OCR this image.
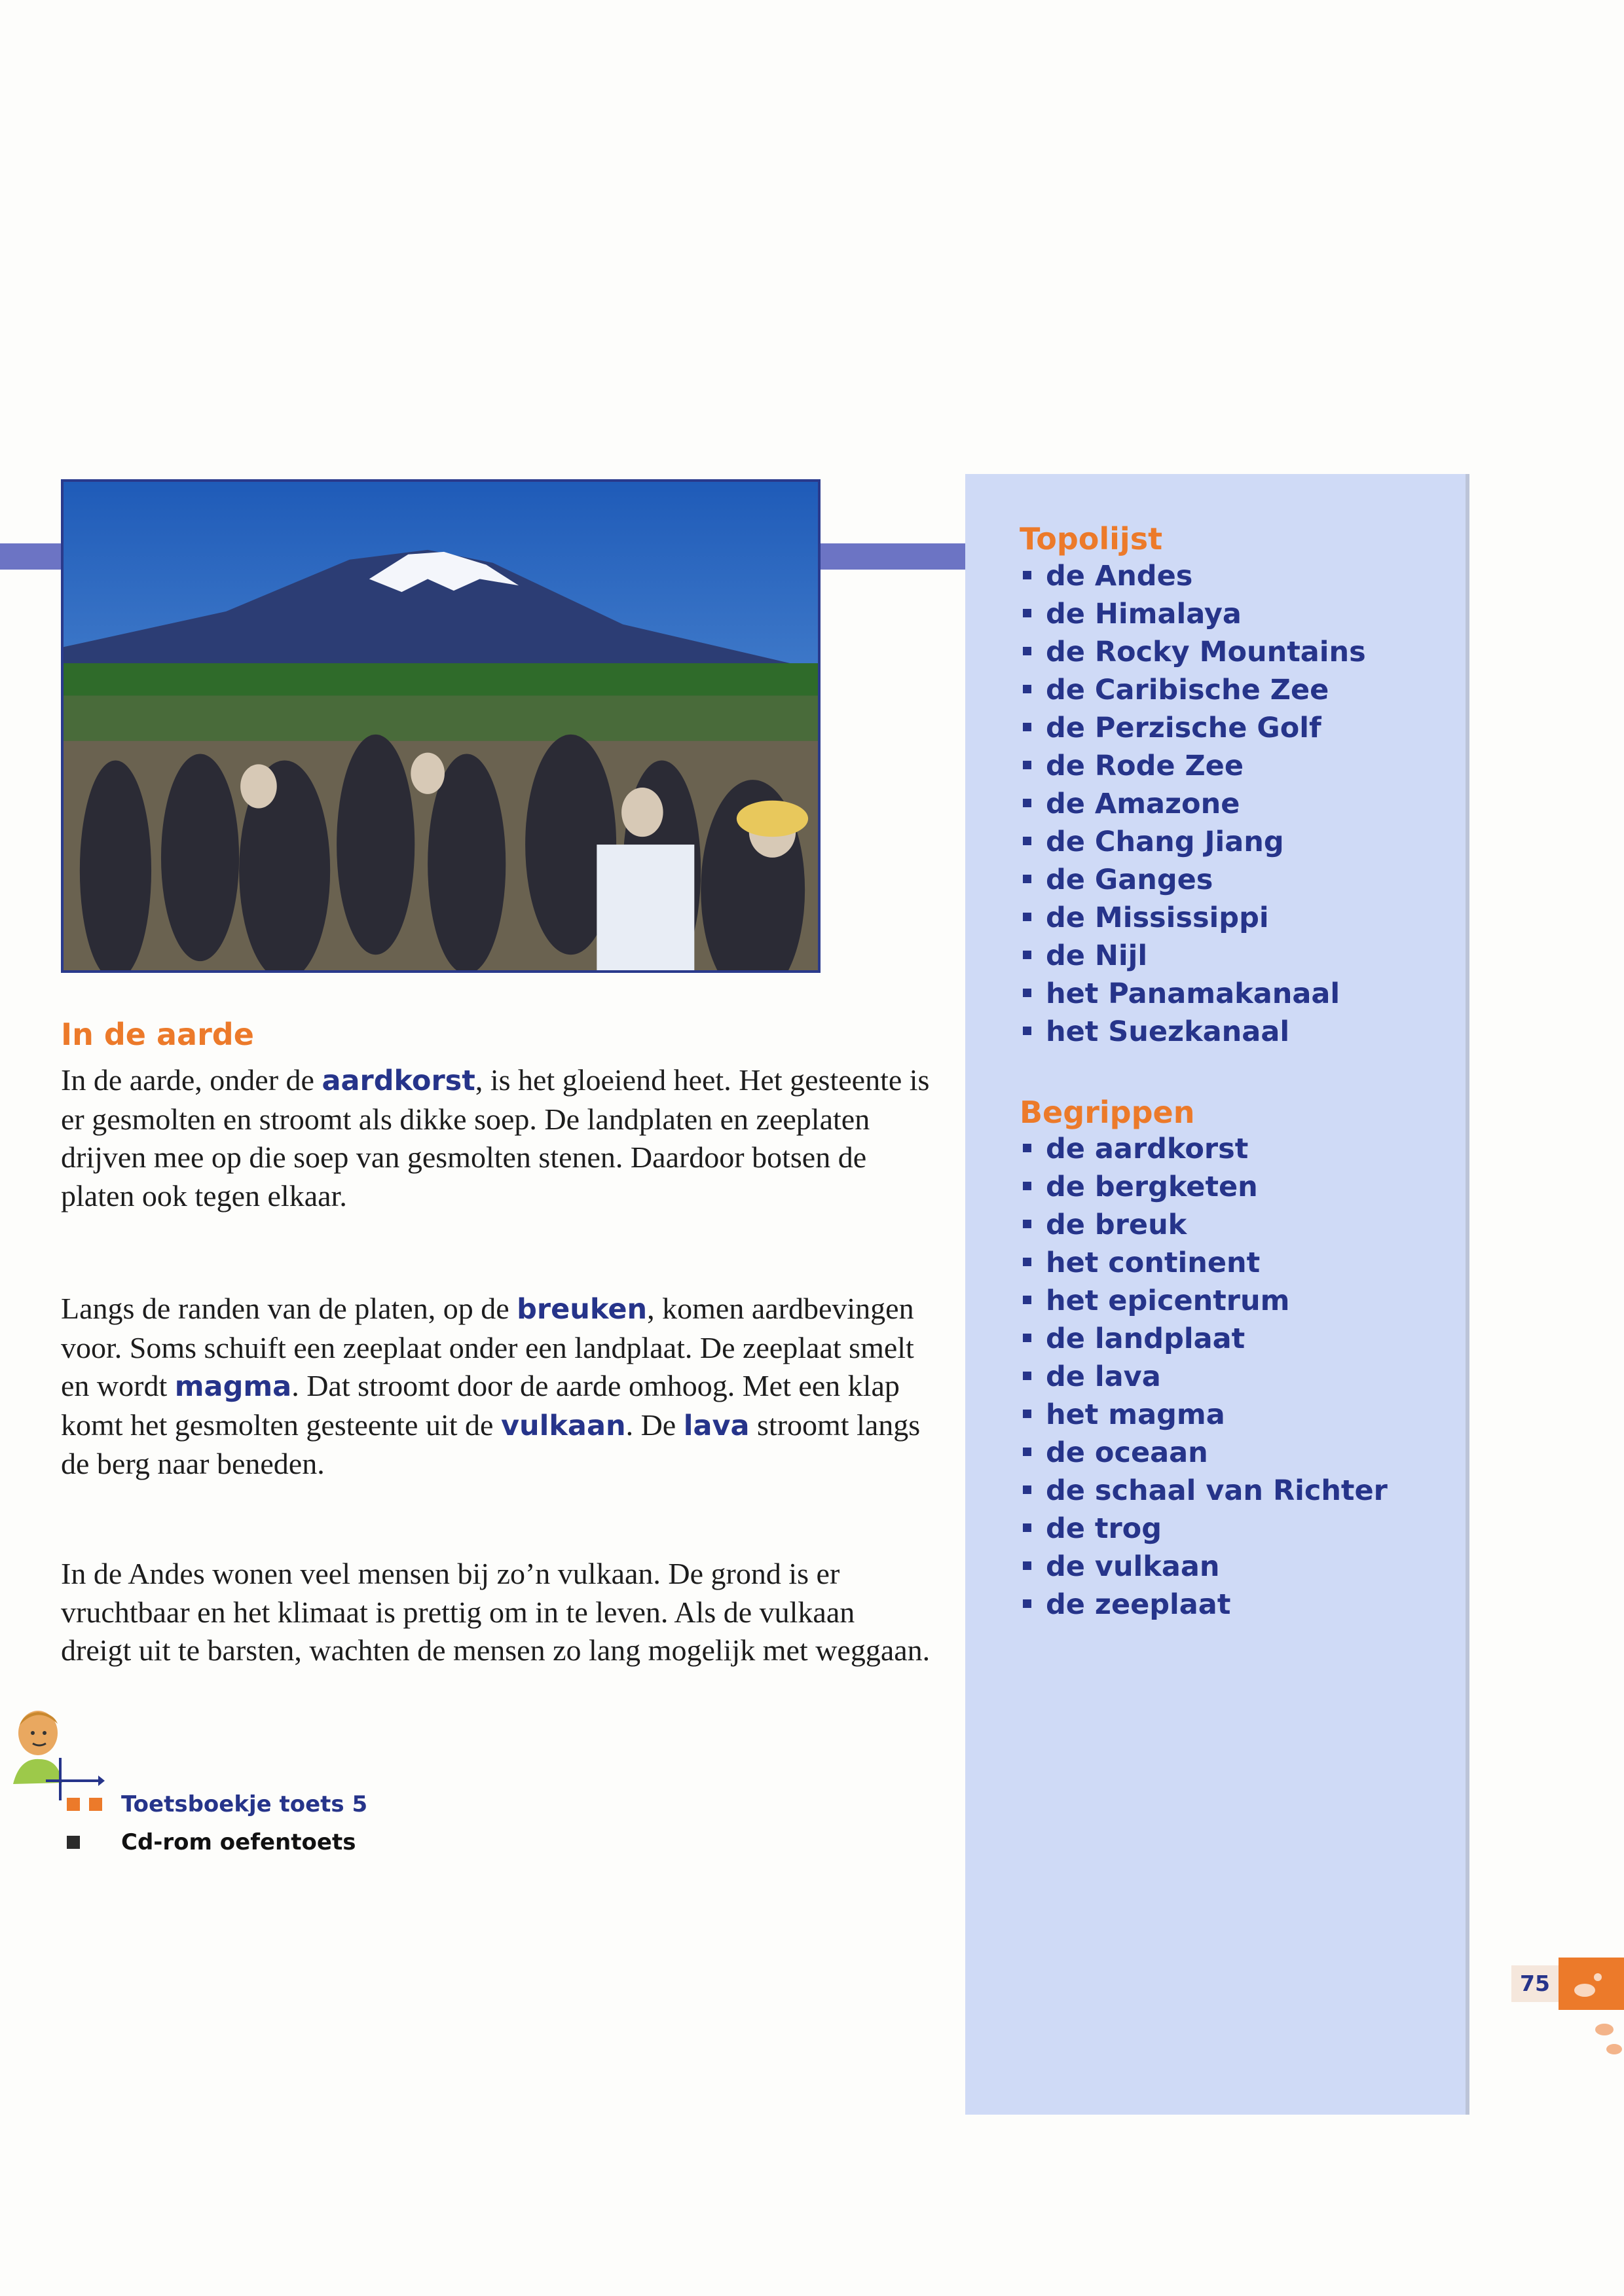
In de aarde

In de aarde, onder de aardkorst, is het gloeiend heet. Het gesteente is er gesmolten en stroomt als dikke soep. De landplaten en zeeplaten drijven mee op die soep van gesmolten stenen. Daardoor botsen de platen ook tegen elkaar.

Langs de randen van de platen, op de breuken, komen aardbevingen voor. Soms schuift een zeeplaat onder een landplaat. De zeeplaat smelt en wordt magma. Dat stroomt door de aarde omhoog. Met een klap komt het gesmolten gesteente uit de vulkaan. De lava stroomt langs de berg naar beneden.

In de Andes wonen veel mensen bij zo’n vulkaan. De grond is er vruchtbaar en het klimaat is prettig om in te leven. Als de vulkaan dreigt uit te barsten, wachten de mensen zo lang mogelijk met weggaan.

Toetsboekje toets 5
Cd-rom oefentoets
Topolijst
de Andes
de Himalaya
de Rocky Mountains
de Caribische Zee
de Perzische Golf
de Rode Zee
de Amazone
de Chang Jiang
de Ganges
de Mississippi
de Nijl
het Panamakanaal
het Suezkanaal
Begrippen
de aardkorst
de bergketen
de breuk
het continent
het epicentrum
de landplaat
de lava
het magma
de oceaan
de schaal van Richter
de trog
de vulkaan
de zeeplaat
75
